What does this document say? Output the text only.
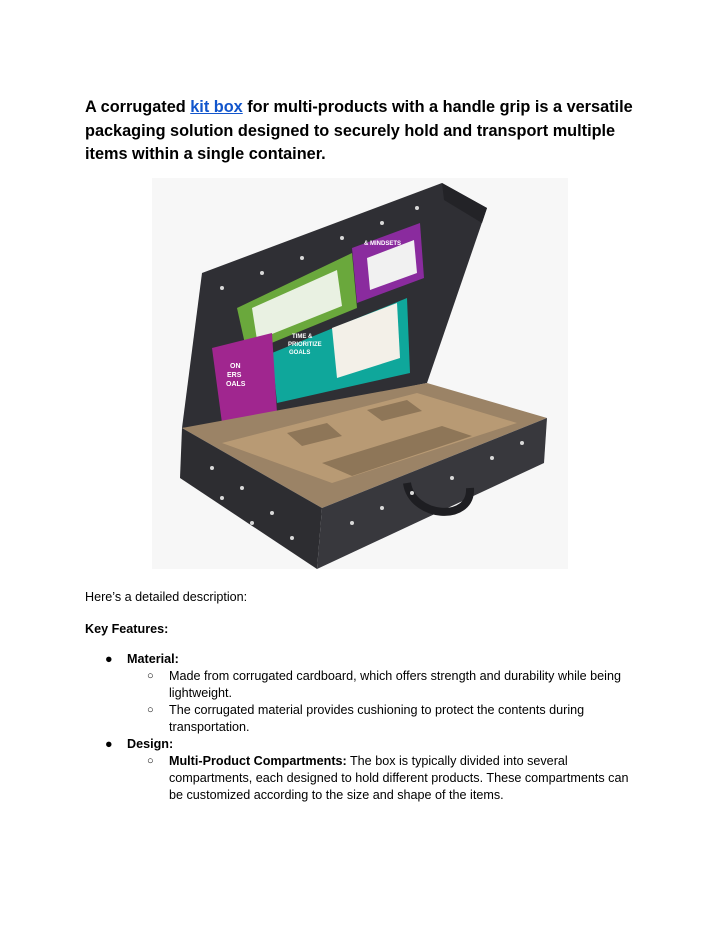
A corrugated kit box for multi-products with a handle grip is a versatile packaging solution designed to securely hold and transport multiple items within a single container.
ON ERS OALS
TIME & PRIORITIZE GOALS
& MINDSETS

Here’s a detailed description:

Key Features:

● Material:
○ Made from corrugated cardboard, which offers strength and durability while being lightweight.
○ The corrugated material provides cushioning to protect the contents during transportation.
● Design:
○ Multi-Product Compartments: The box is typically divided into several compartments, each designed to hold different products. These compartments can be customized according to the size and shape of the items.
